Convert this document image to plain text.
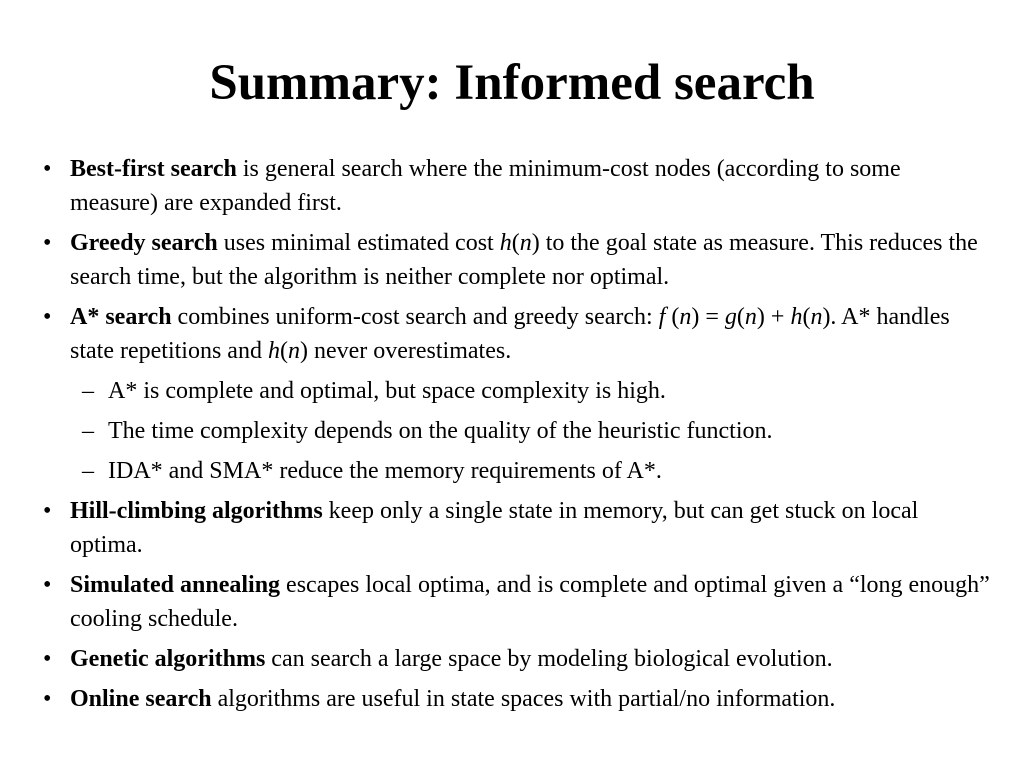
Summary: Informed search
• Best-first search is general search where the minimum-cost nodes (according to some measure) are expanded first.
• Greedy search uses minimal estimated cost h(n) to the goal state as measure. This reduces the search time, but the algorithm is neither complete nor optimal.
• A* search combines uniform-cost search and greedy search: f (n) = g(n) + h(n). A* handles state repetitions and h(n) never overestimates.
– A* is complete and optimal, but space complexity is high.
– The time complexity depends on the quality of the heuristic function.
– IDA* and SMA* reduce the memory requirements of A*.
• Hill-climbing algorithms keep only a single state in memory, but can get stuck on local optima.
• Simulated annealing escapes local optima, and is complete and optimal given a “long enough” cooling schedule.
• Genetic algorithms can search a large space by modeling biological evolution.
• Online search algorithms are useful in state spaces with partial/no information.
